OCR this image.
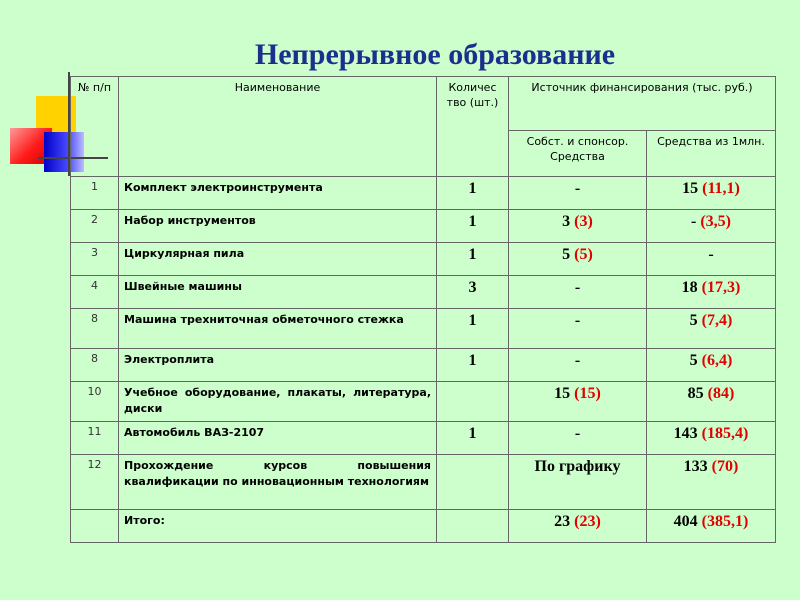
Непрерывное образование
№ п/п	Наименование	Количес тво (шт.)	Источник финансирования (тыс. руб.)	
			Собст. и спонсор. Средства	Средства из 1млн.
1	Комплект электроинструмента	1	-	15 (11,1)
2	Набор инструментов	1	3 (3)	- (3,5)
3	Циркулярная пила	1	5 (5)	-
4	Швейные машины	3	-	18 (17,3)
8	Машина трехниточная обметочного стежка	1	-	5 (7,4)
8	Электроплита	1	-	5 (6,4)
10	Учебное оборудование, плакаты, литература, диски		15 (15)	85 (84)
11	Автомобиль ВАЗ-2107	1	-	143 (185,4)
12	Прохождение курсов повышения квалификации по инновационным технологиям		По графику	133 (70)
	Итого:		23 (23)	404 (385,1)
